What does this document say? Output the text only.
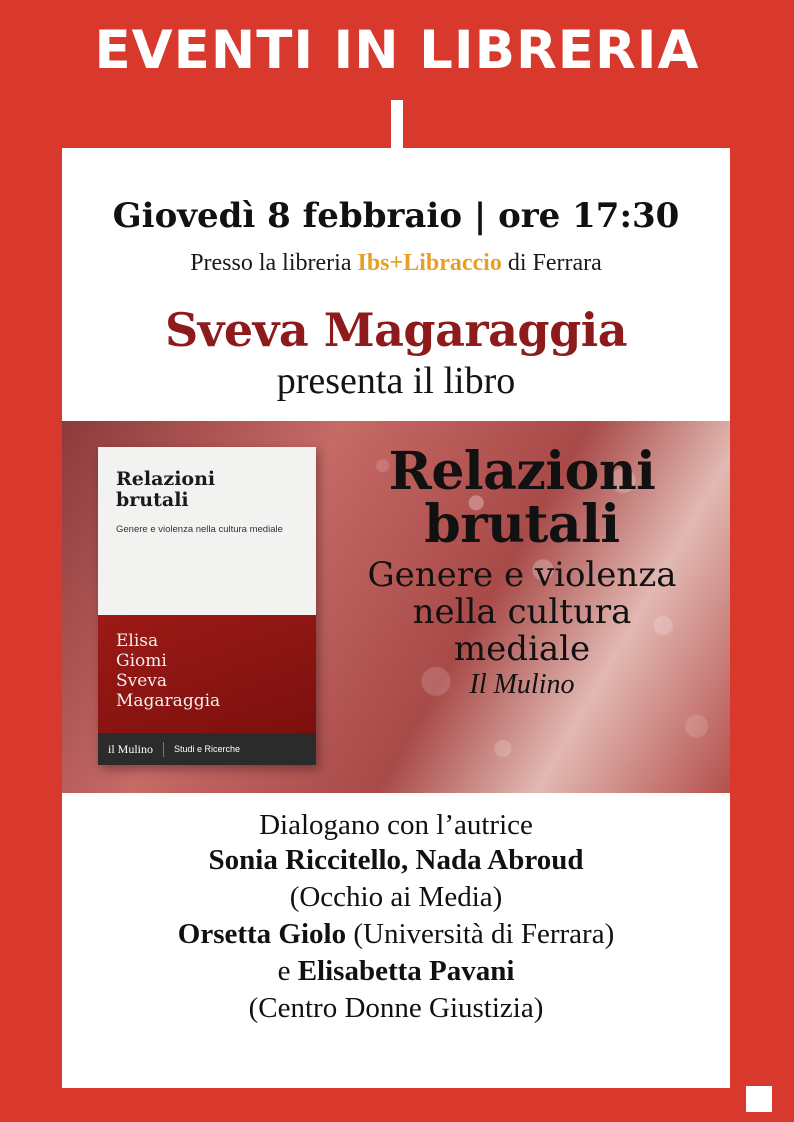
EVENTI IN LIBRERIA
Giovedì 8 febbraio | ore 17:30
Presso la libreria Ibs+Libraccio di Ferrara
Sveva Magaraggia
presenta il libro
Relazioni
brutali
Genere e violenza nella cultura mediale
Elisa
Giomi
Sveva
Magaraggia
il Mulino	Studi e Ricerche
Relazioni
brutali
Genere e violenza
nella cultura
mediale
Il Mulino
Dialogano con l’autrice
Sonia Riccitello, Nada Abroud
(Occhio ai Media)
Orsetta Giolo (Università di Ferrara)
e Elisabetta Pavani
(Centro Donne Giustizia)
